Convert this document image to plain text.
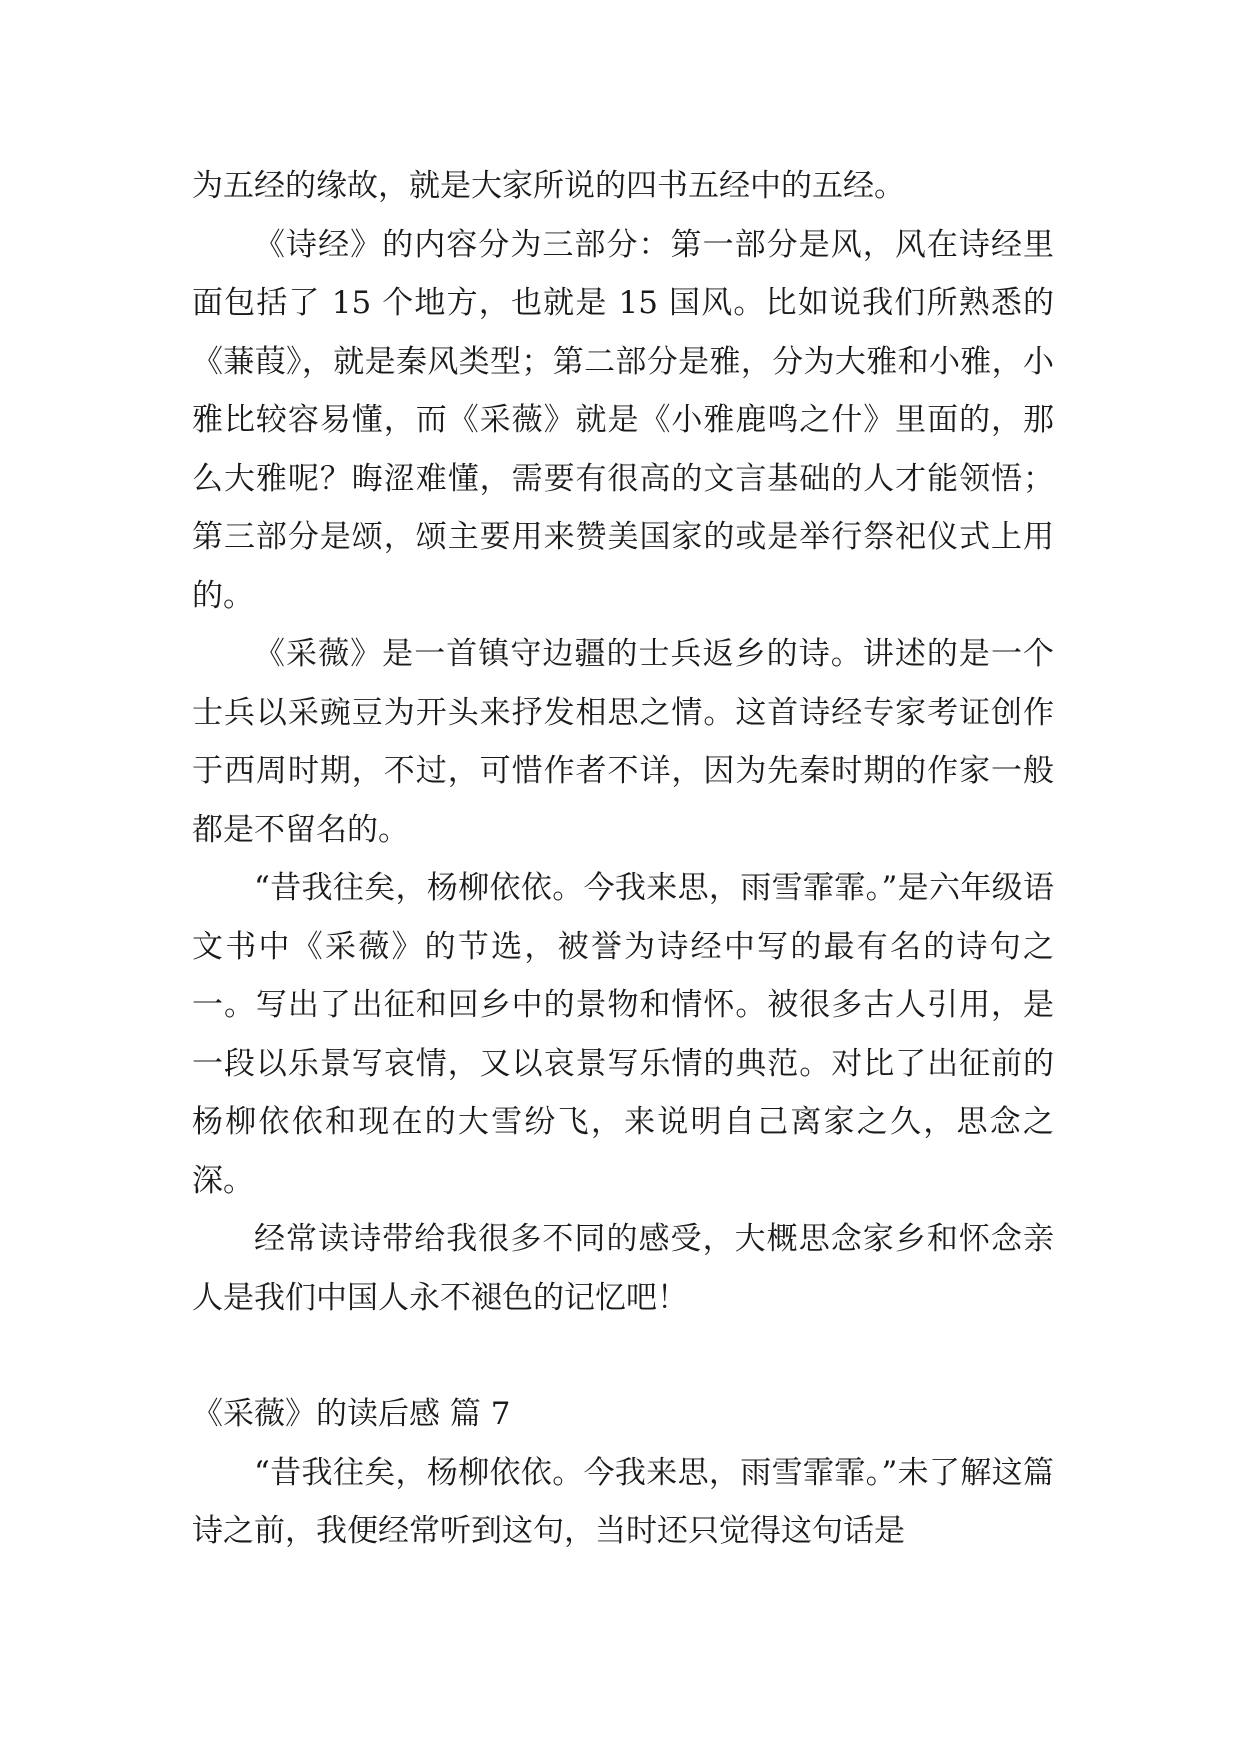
为五经的缘故，就是大家所说的四书五经中的五经。

《诗经》的内容分为三部分：第一部分是风，风在诗经里面包括了 15 个地方，也就是 15 国风。比如说我们所熟悉的《蒹葭》，就是秦风类型；第二部分是雅，分为大雅和小雅，小雅比较容易懂，而《采薇》就是《小雅鹿鸣之什》里面的，那么大雅呢？晦涩难懂，需要有很高的文言基础的人才能领悟；第三部分是颂，颂主要用来赞美国家的或是举行祭祀仪式上用的。

《采薇》是一首镇守边疆的士兵返乡的诗。讲述的是一个士兵以采豌豆为开头来抒发相思之情。这首诗经专家考证创作于西周时期，不过，可惜作者不详，因为先秦时期的作家一般都是不留名的。

“昔我往矣，杨柳依依。今我来思，雨雪霏霏。”是六年级语文书中《采薇》的节选，被誉为诗经中写的最有名的诗句之一。写出了出征和回乡中的景物和情怀。被很多古人引用，是一段以乐景写哀情，又以哀景写乐情的典范。对比了出征前的杨柳依依和现在的大雪纷飞，来说明自己离家之久，思念之深。

经常读诗带给我很多不同的感受，大概思念家乡和怀念亲人是我们中国人永不褪色的记忆吧！

《采薇》的读后感 篇 7

“昔我往矣，杨柳依依。今我来思，雨雪霏霏。”未了解这篇诗之前，我便经常听到这句，当时还只觉得这句话是
